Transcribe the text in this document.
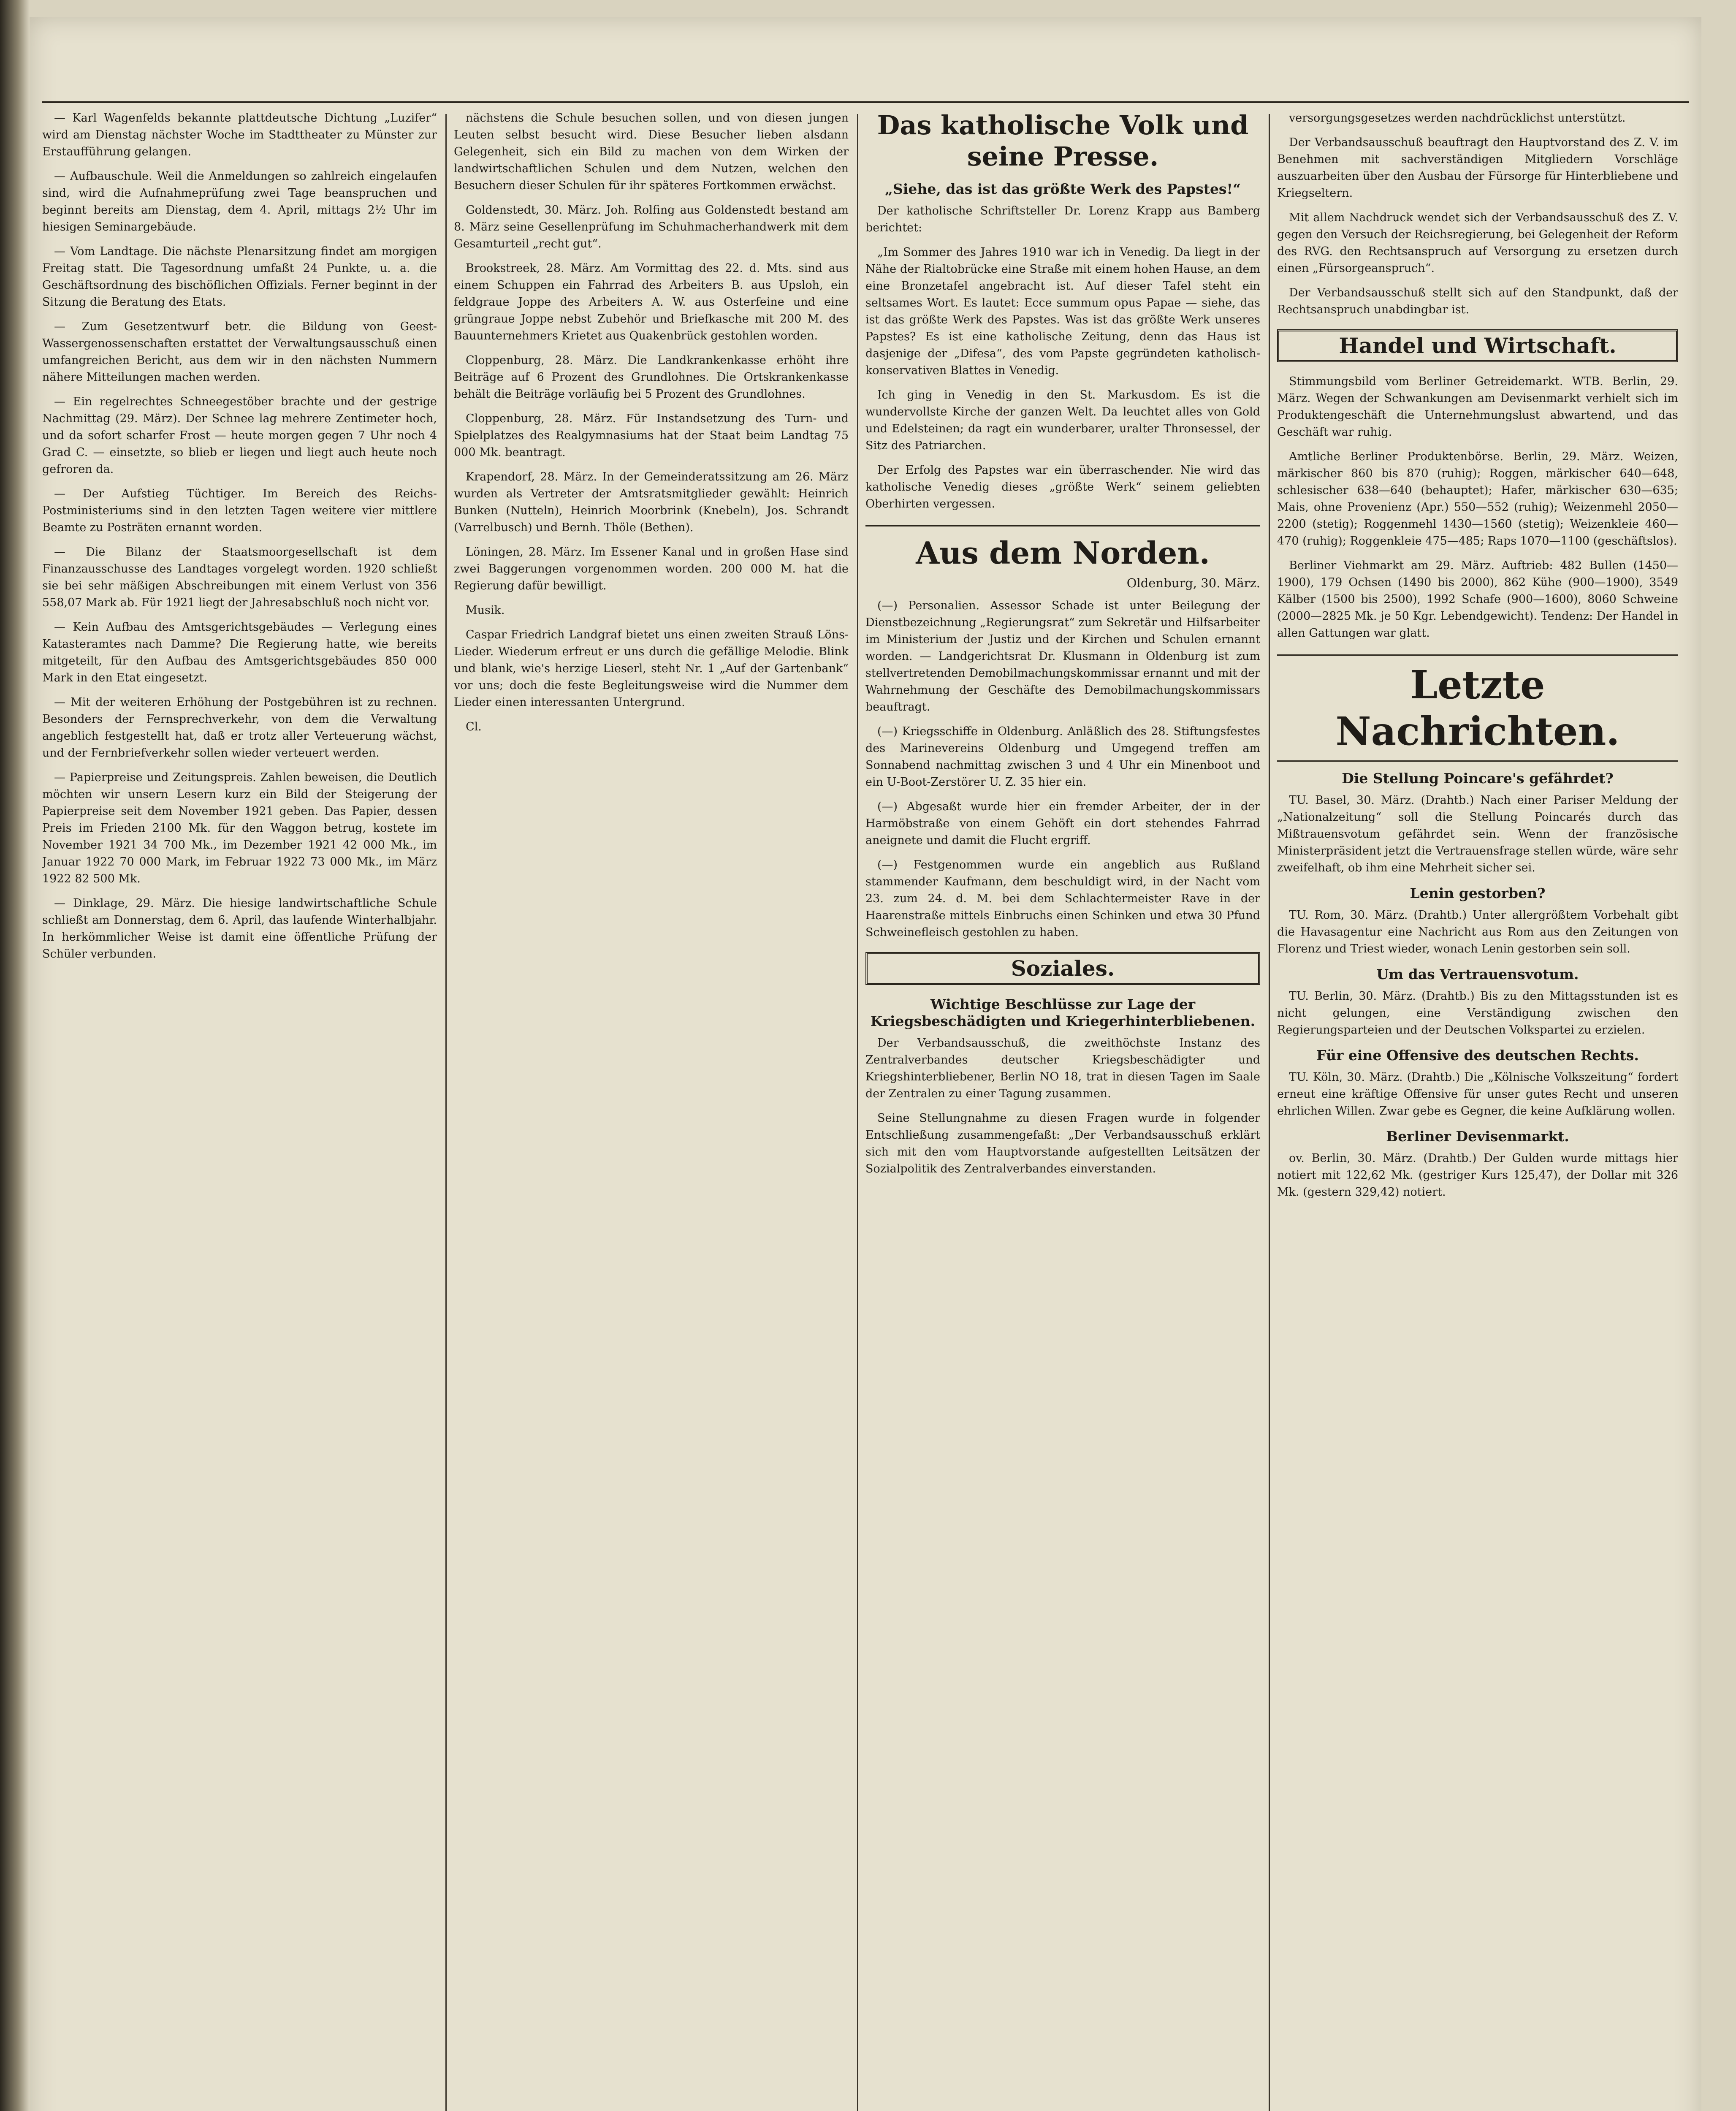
— Karl Wagenfelds bekannte plattdeutsche Dichtung „Luzifer“ wird am Dienstag nächster Woche im Stadttheater zu Münster zur Erstaufführung gelangen.

— Aufbauschule. Weil die Anmeldungen so zahlreich eingelaufen sind, wird die Aufnahmeprüfung zwei Tage beanspruchen und beginnt bereits am Dienstag, dem 4. April, mittags 2½ Uhr im hiesigen Seminargebäude.

— Vom Landtage. Die nächste Plenarsitzung findet am morgigen Freitag statt. Die Tagesordnung umfaßt 24 Punkte, u. a. die Geschäftsordnung des bischöflichen Offizials. Ferner beginnt in der Sitzung die Beratung des Etats.

— Zum Gesetzentwurf betr. die Bildung von Geest-Wassergenossenschaften erstattet der Verwaltungsausschuß einen umfangreichen Bericht, aus dem wir in den nächsten Nummern nähere Mitteilungen machen werden.

— Ein regelrechtes Schneegestöber brachte und der gestrige Nachmittag (29. März). Der Schnee lag mehrere Zentimeter hoch, und da sofort scharfer Frost — heute morgen gegen 7 Uhr noch 4 Grad C. — einsetzte, so blieb er liegen und liegt auch heute noch gefroren da.

— Der Aufstieg Tüchtiger. Im Bereich des Reichs-Postministeriums sind in den letzten Tagen weitere vier mittlere Beamte zu Posträten ernannt worden.

— Die Bilanz der Staatsmoorgesellschaft ist dem Finanzausschusse des Landtages vorgelegt worden. 1920 schließt sie bei sehr mäßigen Abschreibungen mit einem Verlust von 356 558,07 Mark ab. Für 1921 liegt der Jahresabschluß noch nicht vor.

— Kein Aufbau des Amtsgerichtsgebäudes — Verlegung eines Katasteramtes nach Damme? Die Regierung hatte, wie bereits mitgeteilt, für den Aufbau des Amtsgerichtsgebäudes 850 000 Mark in den Etat eingesetzt.

— Mit der weiteren Erhöhung der Postgebühren ist zu rechnen. Besonders der Fernsprechverkehr, von dem die Verwaltung angeblich festgestellt hat, daß er trotz aller Verteuerung wächst, und der Fernbriefverkehr sollen wieder verteuert werden.

— Papierpreise und Zeitungspreis. Zahlen beweisen, die Deutlich möchten wir unsern Lesern kurz ein Bild der Steigerung der Papierpreise seit dem November 1921 geben. Das Papier, dessen Preis im Frieden 2100 Mk. für den Waggon betrug, kostete im November 1921 34 700 Mk., im Dezember 1921 42 000 Mk., im Januar 1922 70 000 Mark, im Februar 1922 73 000 Mk., im März 1922 82 500 Mk.

— Dinklage, 29. März. Die hiesige landwirtschaftliche Schule schließt am Donnerstag, dem 6. April, das laufende Winterhalbjahr. In herkömmlicher Weise ist damit eine öffentliche Prüfung der Schüler verbunden.

nächstens die Schule besuchen sollen, und von diesen jungen Leuten selbst besucht wird. Diese Besucher lieben alsdann Gelegenheit, sich ein Bild zu machen von dem Wirken der landwirtschaftlichen Schulen und dem Nutzen, welchen den Besuchern dieser Schulen für ihr späteres Fortkommen erwächst.

Goldenstedt, 30. März. Joh. Rolfing aus Goldenstedt bestand am 8. März seine Gesellenprüfung im Schuhmacherhandwerk mit dem Gesamturteil „recht gut“.

Brookstreek, 28. März. Am Vormittag des 22. d. Mts. sind aus einem Schuppen ein Fahrrad des Arbeiters B. aus Upsloh, ein feldgraue Joppe des Arbeiters A. W. aus Osterfeine und eine grüngraue Joppe nebst Zubehör und Briefkasche mit 200 M. des Bauunternehmers Krietet aus Quakenbrück gestohlen worden.

Cloppenburg, 28. März. Die Landkrankenkasse erhöht ihre Beiträge auf 6 Prozent des Grundlohnes. Die Ortskrankenkasse behält die Beiträge vorläufig bei 5 Prozent des Grundlohnes.

Cloppenburg, 28. März. Für Instandsetzung des Turn- und Spielplatzes des Realgymnasiums hat der Staat beim Landtag 75 000 Mk. beantragt.

Krapendorf, 28. März. In der Gemeinderatssitzung am 26. März wurden als Vertreter der Amtsratsmitglieder gewählt: Heinrich Bunken (Nutteln), Heinrich Moorbrink (Knebeln), Jos. Schrandt (Varrelbusch) und Bernh. Thöle (Bethen).

Löningen, 28. März. Im Essener Kanal und in großen Hase sind zwei Baggerungen vorgenommen worden. 200 000 M. hat die Regierung dafür bewilligt.

Musik.

Caspar Friedrich Landgraf bietet uns einen zweiten Strauß Löns-Lieder. Wiederum erfreut er uns durch die gefällige Melodie. Blink und blank, wie's herzige Lieserl, steht Nr. 1 „Auf der Gartenbank“ vor uns; doch die feste Begleitungsweise wird die Nummer dem Lieder einen interessanten Untergrund.

Cl.

Das katholische Volk und seine Presse.
„Siehe, das ist das größte Werk des Papstes!“

Der katholische Schriftsteller Dr. Lorenz Krapp aus Bamberg berichtet:

„Im Sommer des Jahres 1910 war ich in Venedig. Da liegt in der Nähe der Rialtobrücke eine Straße mit einem hohen Hause, an dem eine Bronzetafel angebracht ist. Auf dieser Tafel steht ein seltsames Wort. Es lautet: Ecce summum opus Papae — siehe, das ist das größte Werk des Papstes. Was ist das größte Werk unseres Papstes? Es ist eine katholische Zeitung, denn das Haus ist dasjenige der „Difesa“, des vom Papste gegründeten katholisch-konservativen Blattes in Venedig.

Ich ging in Venedig in den St. Markusdom. Es ist die wundervollste Kirche der ganzen Welt. Da leuchtet alles von Gold und Edelsteinen; da ragt ein wunderbarer, uralter Thronsessel, der Sitz des Patriarchen.

Der Erfolg des Papstes war ein überraschender. Nie wird das katholische Venedig dieses „größte Werk“ seinem geliebten Oberhirten vergessen.

Aus dem Norden.
Oldenburg, 30. März.

(—) Personalien. Assessor Schade ist unter Beilegung der Dienstbezeichnung „Regierungsrat“ zum Sekretär und Hilfsarbeiter im Ministerium der Justiz und der Kirchen und Schulen ernannt worden. — Landgerichtsrat Dr. Klusmann in Oldenburg ist zum stellvertretenden Demobilmachungskommissar ernannt und mit der Wahrnehmung der Geschäfte des Demobilmachungskommissars beauftragt.

(—) Kriegsschiffe in Oldenburg. Anläßlich des 28. Stiftungsfestes des Marinevereins Oldenburg und Umgegend treffen am Sonnabend nachmittag zwischen 3 und 4 Uhr ein Minenboot und ein U-Boot-Zerstörer U. Z. 35 hier ein.

(—) Abgesaßt wurde hier ein fremder Arbeiter, der in der Harmöbstraße von einem Gehöft ein dort stehendes Fahrrad aneignete und damit die Flucht ergriff.

(—) Festgenommen wurde ein angeblich aus Rußland stammender Kaufmann, dem beschuldigt wird, in der Nacht vom 23. zum 24. d. M. bei dem Schlachtermeister Rave in der Haarenstraße mittels Einbruchs einen Schinken und etwa 30 Pfund Schweinefleisch gestohlen zu haben.

Soziales.
Wichtige Beschlüsse zur Lage der Kriegsbeschädigten und Kriegerhinterbliebenen.

Der Verbandsausschuß, die zweithöchste Instanz des Zentralverbandes deutscher Kriegsbeschädigter und Kriegshinterbliebener, Berlin NO 18, trat in diesen Tagen im Saale der Zentralen zu einer Tagung zusammen.

Seine Stellungnahme zu diesen Fragen wurde in folgender Entschließung zusammengefaßt: „Der Verbandsausschuß erklärt sich mit den vom Hauptvorstande aufgestellten Leitsätzen der Sozialpolitik des Zentralverbandes einverstanden.

versorgungsgesetzes werden nachdrücklichst unterstützt.

Der Verbandsausschuß beauftragt den Hauptvorstand des Z. V. im Benehmen mit sachverständigen Mitgliedern Vorschläge auszuarbeiten über den Ausbau der Fürsorge für Hinterbliebene und Kriegseltern.

Mit allem Nachdruck wendet sich der Verbandsausschuß des Z. V. gegen den Versuch der Reichsregierung, bei Gelegenheit der Reform des RVG. den Rechtsanspruch auf Versorgung zu ersetzen durch einen „Fürsorgeanspruch“.

Der Verbandsausschuß stellt sich auf den Standpunkt, daß der Rechtsanspruch unabdingbar ist.

Handel und Wirtschaft.

Stimmungsbild vom Berliner Getreidemarkt. WTB. Berlin, 29. März. Wegen der Schwankungen am Devisenmarkt verhielt sich im Produktengeschäft die Unternehmungslust abwartend, und das Geschäft war ruhig.

Amtliche Berliner Produktenbörse. Berlin, 29. März. Weizen, märkischer 860 bis 870 (ruhig); Roggen, märkischer 640—648, schlesischer 638—640 (behauptet); Hafer, märkischer 630—635; Mais, ohne Provenienz (Apr.) 550—552 (ruhig); Weizenmehl 2050—2200 (stetig); Roggenmehl 1430—1560 (stetig); Weizenkleie 460—470 (ruhig); Roggenkleie 475—485; Raps 1070—1100 (geschäftslos).

Berliner Viehmarkt am 29. März. Auftrieb: 482 Bullen (1450—1900), 179 Ochsen (1490 bis 2000), 862 Kühe (900—1900), 3549 Kälber (1500 bis 2500), 1992 Schafe (900—1600), 8060 Schweine (2000—2825 Mk. je 50 Kgr. Lebendgewicht). Tendenz: Der Handel in allen Gattungen war glatt.

Letzte Nachrichten.
Die Stellung Poincare's gefährdet?

TU. Basel, 30. März. (Drahtb.) Nach einer Pariser Meldung der „Nationalzeitung“ soll die Stellung Poincarés durch das Mißtrauensvotum gefährdet sein. Wenn der französische Ministerpräsident jetzt die Vertrauensfrage stellen würde, wäre sehr zweifelhaft, ob ihm eine Mehrheit sicher sei.

Lenin gestorben?

TU. Rom, 30. März. (Drahtb.) Unter allergrößtem Vorbehalt gibt die Havasagentur eine Nachricht aus Rom aus den Zeitungen von Florenz und Triest wieder, wonach Lenin gestorben sein soll.

Um das Vertrauensvotum.

TU. Berlin, 30. März. (Drahtb.) Bis zu den Mittagsstunden ist es nicht gelungen, eine Verständigung zwischen den Regierungsparteien und der Deutschen Volkspartei zu erzielen.

Für eine Offensive des deutschen Rechts.

TU. Köln, 30. März. (Drahtb.) Die „Kölnische Volkszeitung“ fordert erneut eine kräftige Offensive für unser gutes Recht und unseren ehrlichen Willen. Zwar gebe es Gegner, die keine Aufklärung wollen.

Berliner Devisenmarkt.

ov. Berlin, 30. März. (Drahtb.) Der Gulden wurde mittags hier notiert mit 122,62 Mk. (gestriger Kurs 125,47), der Dollar mit 326 Mk. (gestern 329,42) notiert.
